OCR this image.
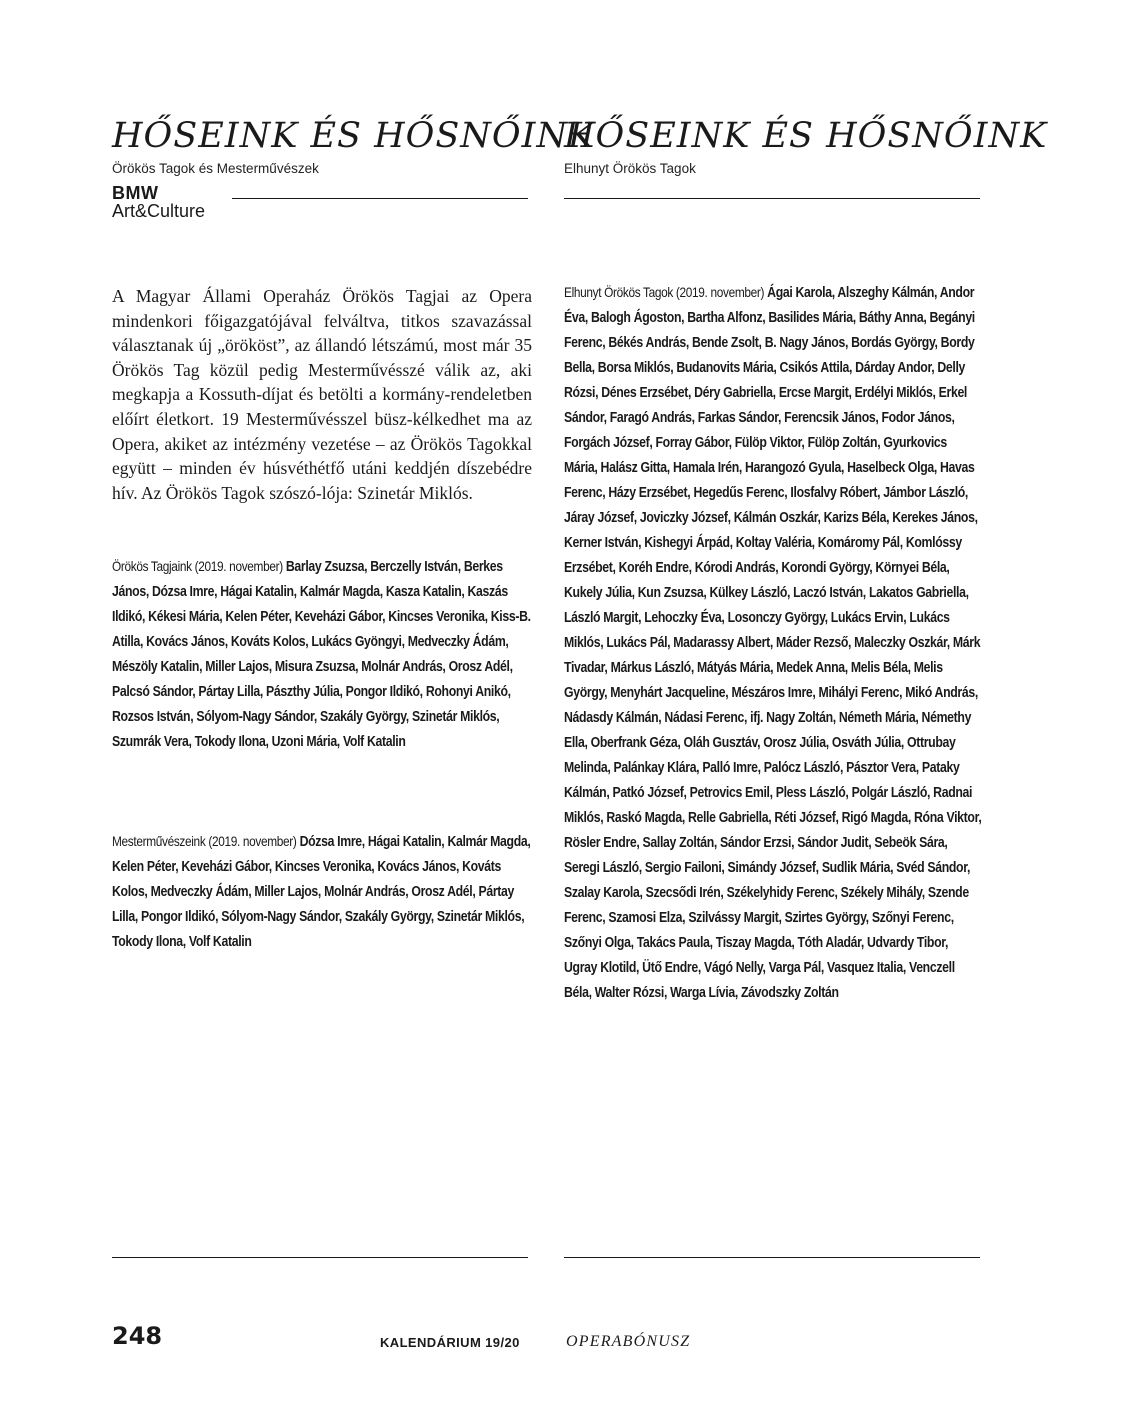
HŐSEINK ÉS HŐSNŐINK

Örökös Tagok és Mesterművészek

BMW
Art&Culture

A Magyar Állami Operaház Örökös Tagjai az Opera mindenkori főigazgatójával felváltva, titkos szavazással választanak új „örököst”, az állandó létszámú, most már 35 Örökös Tag közül pedig Mesterművésszé válik az, aki megkapja a Kossuth-díjat és betölti a kormány-rendeletben előírt életkort. 19 Mesterművésszel büsz-kélkedhet ma az Opera, akiket az intézmény vezetése – az Örökös Tagokkal együtt – minden év húsvéthétfő utáni keddjén díszebédre hív. Az Örökös Tagok szószó-lója: Szinetár Miklós.

Örökös Tagjaink (2019. november) Barlay Zsuzsa, Berczelly István, Berkes János, Dózsa Imre, Hágai Katalin, Kalmár Magda, Kasza Katalin, Kaszás Ildikó, Kékesi Mária, Kelen Péter, Keveházi Gábor, Kincses Veronika, Kiss-B. Atilla, Kovács János, Kováts Kolos, Lukács Gyöngyi, Medveczky Ádám, Mészöly Katalin, Miller Lajos, Misura Zsuzsa, Molnár András, Orosz Adél, Palcsó Sándor, Pártay Lilla, Pászthy Júlia, Pongor Ildikó, Rohonyi Anikó, Rozsos István, Sólyom-Nagy Sándor, Szakály György, Szinetár Miklós, Szumrák Vera, Tokody Ilona, Uzoni Mária, Volf Katalin

Mesterművészeink (2019. november) Dózsa Imre, Hágai Katalin, Kalmár Magda, Kelen Péter, Keveházi Gábor, Kincses Veronika, Kovács János, Kováts Kolos, Medveczky Ádám, Miller Lajos, Molnár András, Orosz Adél, Pártay Lilla, Pongor Ildikó, Sólyom-Nagy Sándor, Szakály György, Szinetár Miklós, Tokody Ilona, Volf Katalin

HŐSEINK ÉS HŐSNŐINK

Elhunyt Örökös Tagok

Elhunyt Örökös Tagok (2019. november) Ágai Karola, Alszeghy Kálmán, Andor Éva, Balogh Ágoston, Bartha Alfonz, Basilides Mária, Báthy Anna, Begányi Ferenc, Békés András, Bende Zsolt, B. Nagy János, Bordás György, Bordy Bella, Borsa Miklós, Budanovits Mária, Csikós Attila, Dárday Andor, Delly Rózsi, Dénes Erzsébet, Déry Gabriella, Ercse Margit, Erdélyi Miklós, Erkel Sándor, Faragó András, Farkas Sándor, Ferencsik János, Fodor János, Forgách József, Forray Gábor, Fülöp Viktor, Fülöp Zoltán, Gyurkovics Mária, Halász Gitta, Hamala Irén, Harangozó Gyula, Haselbeck Olga, Havas Ferenc, Házy Erzsébet, Hegedűs Ferenc, Ilosfalvy Róbert, Jámbor László, Járay József, Joviczky József, Kálmán Oszkár, Karizs Béla, Kerekes János, Kerner István, Kishegyi Árpád, Koltay Valéria, Komáromy Pál, Komlóssy Erzsébet, Koréh Endre, Kórodi András, Korondi György, Környei Béla, Kukely Júlia, Kun Zsuzsa, Külkey László, Laczó István, Lakatos Gabriella, László Margit, Lehoczky Éva, Losonczy György, Lukács Ervin, Lukács Miklós, Lukács Pál, Madarassy Albert, Máder Rezső, Maleczky Oszkár, Márk Tivadar, Márkus László, Mátyás Mária, Medek Anna, Melis Béla, Melis György, Menyhárt Jacqueline, Mészáros Imre, Mihályi Ferenc, Mikó András, Nádasdy Kálmán, Nádasi Ferenc, ifj. Nagy Zoltán, Németh Mária, Némethy Ella, Oberfrank Géza, Oláh Gusztáv, Orosz Júlia, Osváth Júlia, Ottrubay Melinda, Palánkay Klára, Palló Imre, Palócz László, Pásztor Vera, Pataky Kálmán, Patkó József, Petrovics Emil, Pless László, Polgár László, Radnai Miklós, Raskó Magda, Relle Gabriella, Réti József, Rigó Magda, Róna Viktor, Rösler Endre, Sallay Zoltán, Sándor Erzsi, Sándor Judit, Sebeök Sára, Seregi László, Sergio Failoni, Simándy József, Sudlik Mária, Svéd Sándor, Szalay Karola, Szecsődi Irén, Székelyhidy Ferenc, Székely Mihály, Szende Ferenc, Szamosi Elza, Szilvássy Margit, Szirtes György, Szőnyi Ferenc, Szőnyi Olga, Takács Paula, Tiszay Magda, Tóth Aladár, Udvardy Tibor, Ugray Klotild, Ütő Endre, Vágó Nelly, Varga Pál, Vasquez Italia, Venczell Béla, Walter Rózsi, Warga Lívia, Závodszky Zoltán

248	KALENDÁRIUM 19/20	OPERABÓNUSZ
